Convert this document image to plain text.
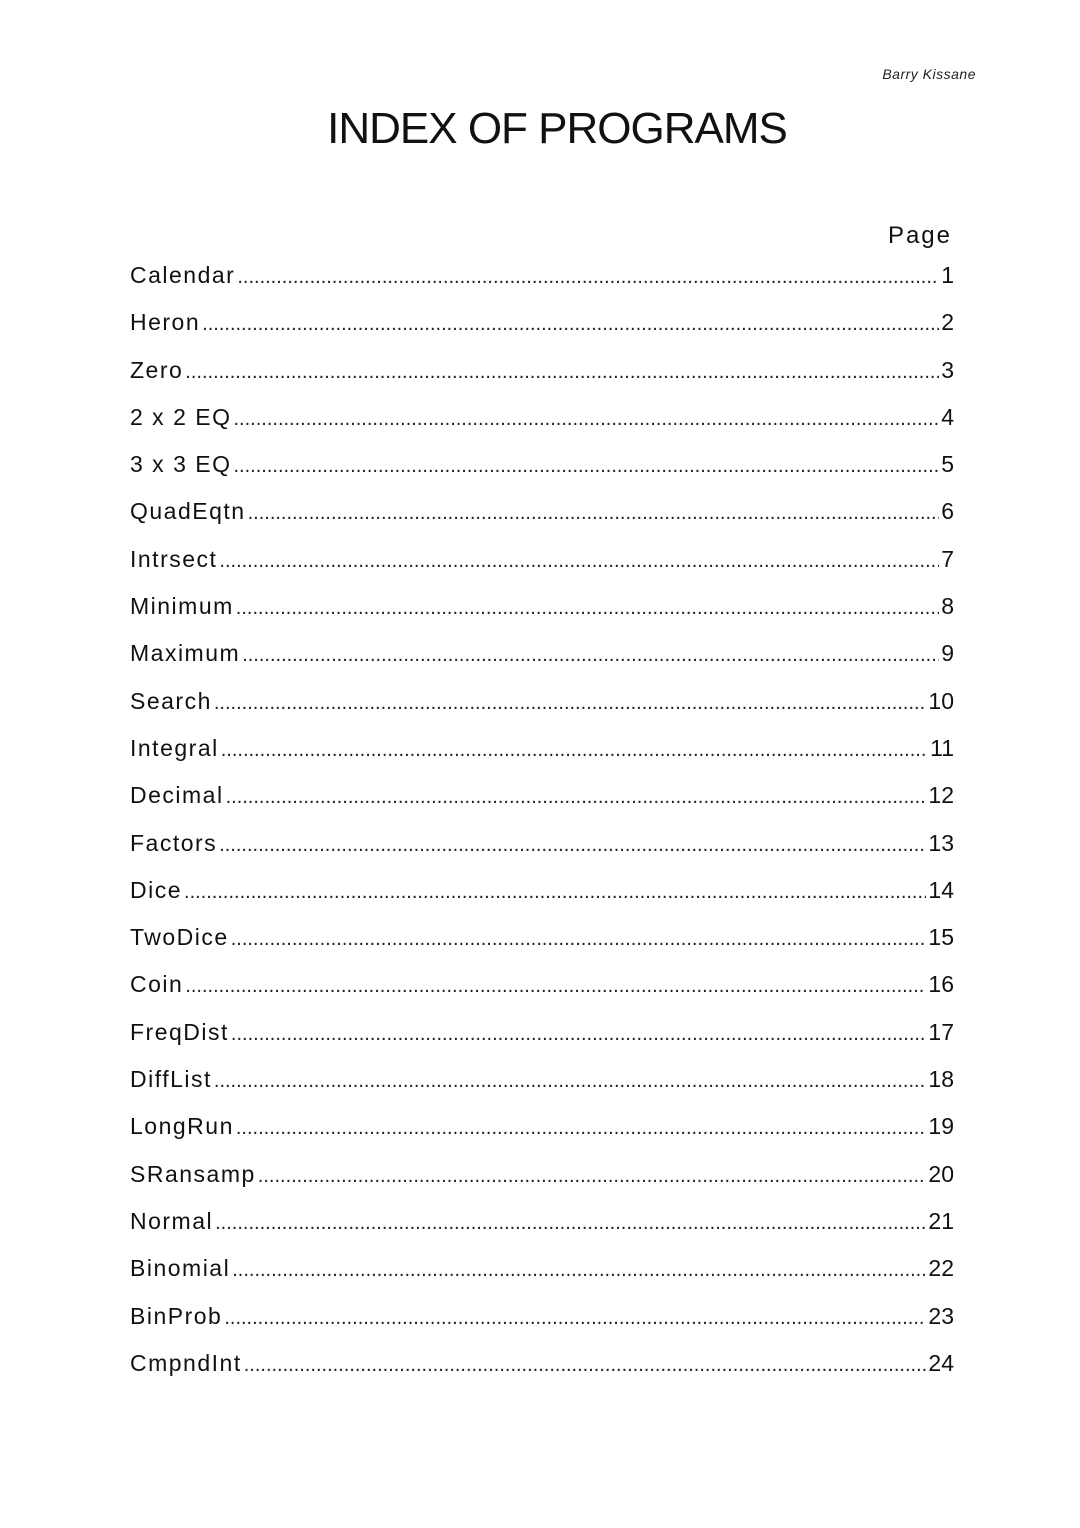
Barry Kissane
INDEX OF PROGRAMS
Page
Calendar .....	1
Heron .....	2
Zero .....	3
2 x 2 EQ .....	4
3 x 3 EQ .....	5
QuadEqtn .....	6
Intrsect .....	7
Minimum .....	8
Maximum .....	9
Search .....	10
Integral .....	11
Decimal .....	12
Factors .....	13
Dice .....	14
TwoDice .....	15
Coin .....	16
FreqDist .....	17
DiffList .....	18
LongRun .....	19
SRansamp .....	20
Normal .....	21
Binomial .....	22
BinProb .....	23
CmpndInt .....	24
